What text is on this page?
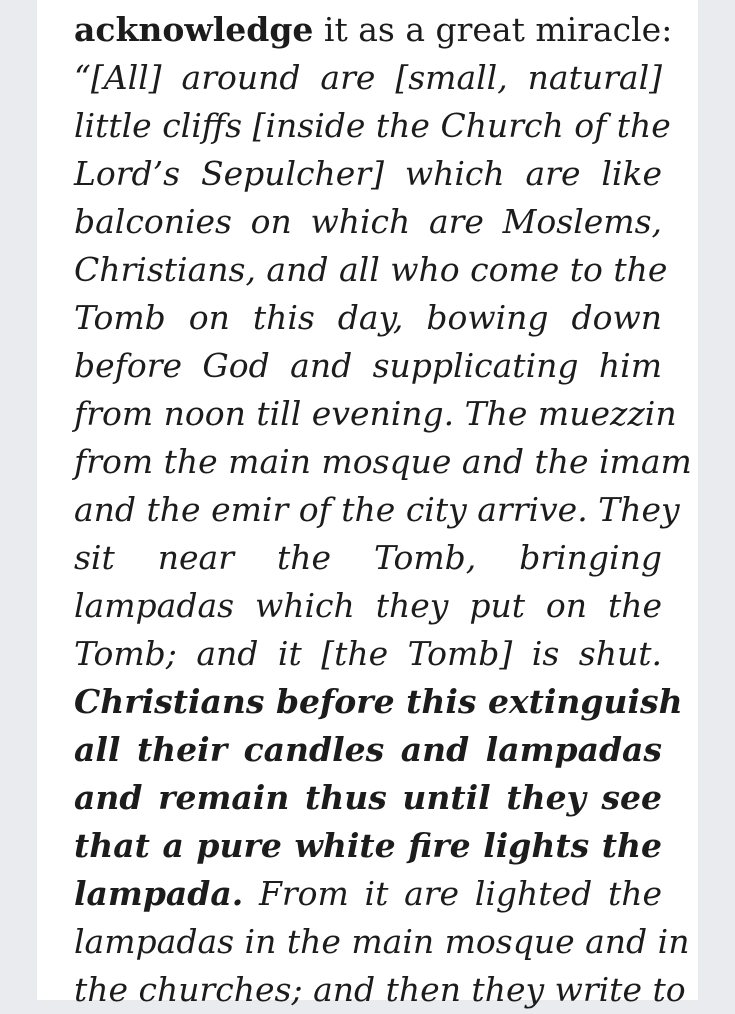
acknowledge it as a great miracle:
“[All] around are [small, natural]
little cliffs [inside the Church of the
Lord’s Sepulcher] which are like
balconies on which are Moslems,
Christians, and all who come to the
Tomb on this day, bowing down
before God and supplicating him
from noon till evening. The muezzin
from the main mosque and the imam
and the emir of the city arrive. They
sit near the Tomb, bringing
lampadas which they put on the
Tomb; and it [the Tomb] is shut.
Christians before this extinguish
all their candles and lampadas
and remain thus until they see
that a pure white fire lights the
lampada. From it are lighted the
lampadas in the main mosque and in
the churches; and then they write to
